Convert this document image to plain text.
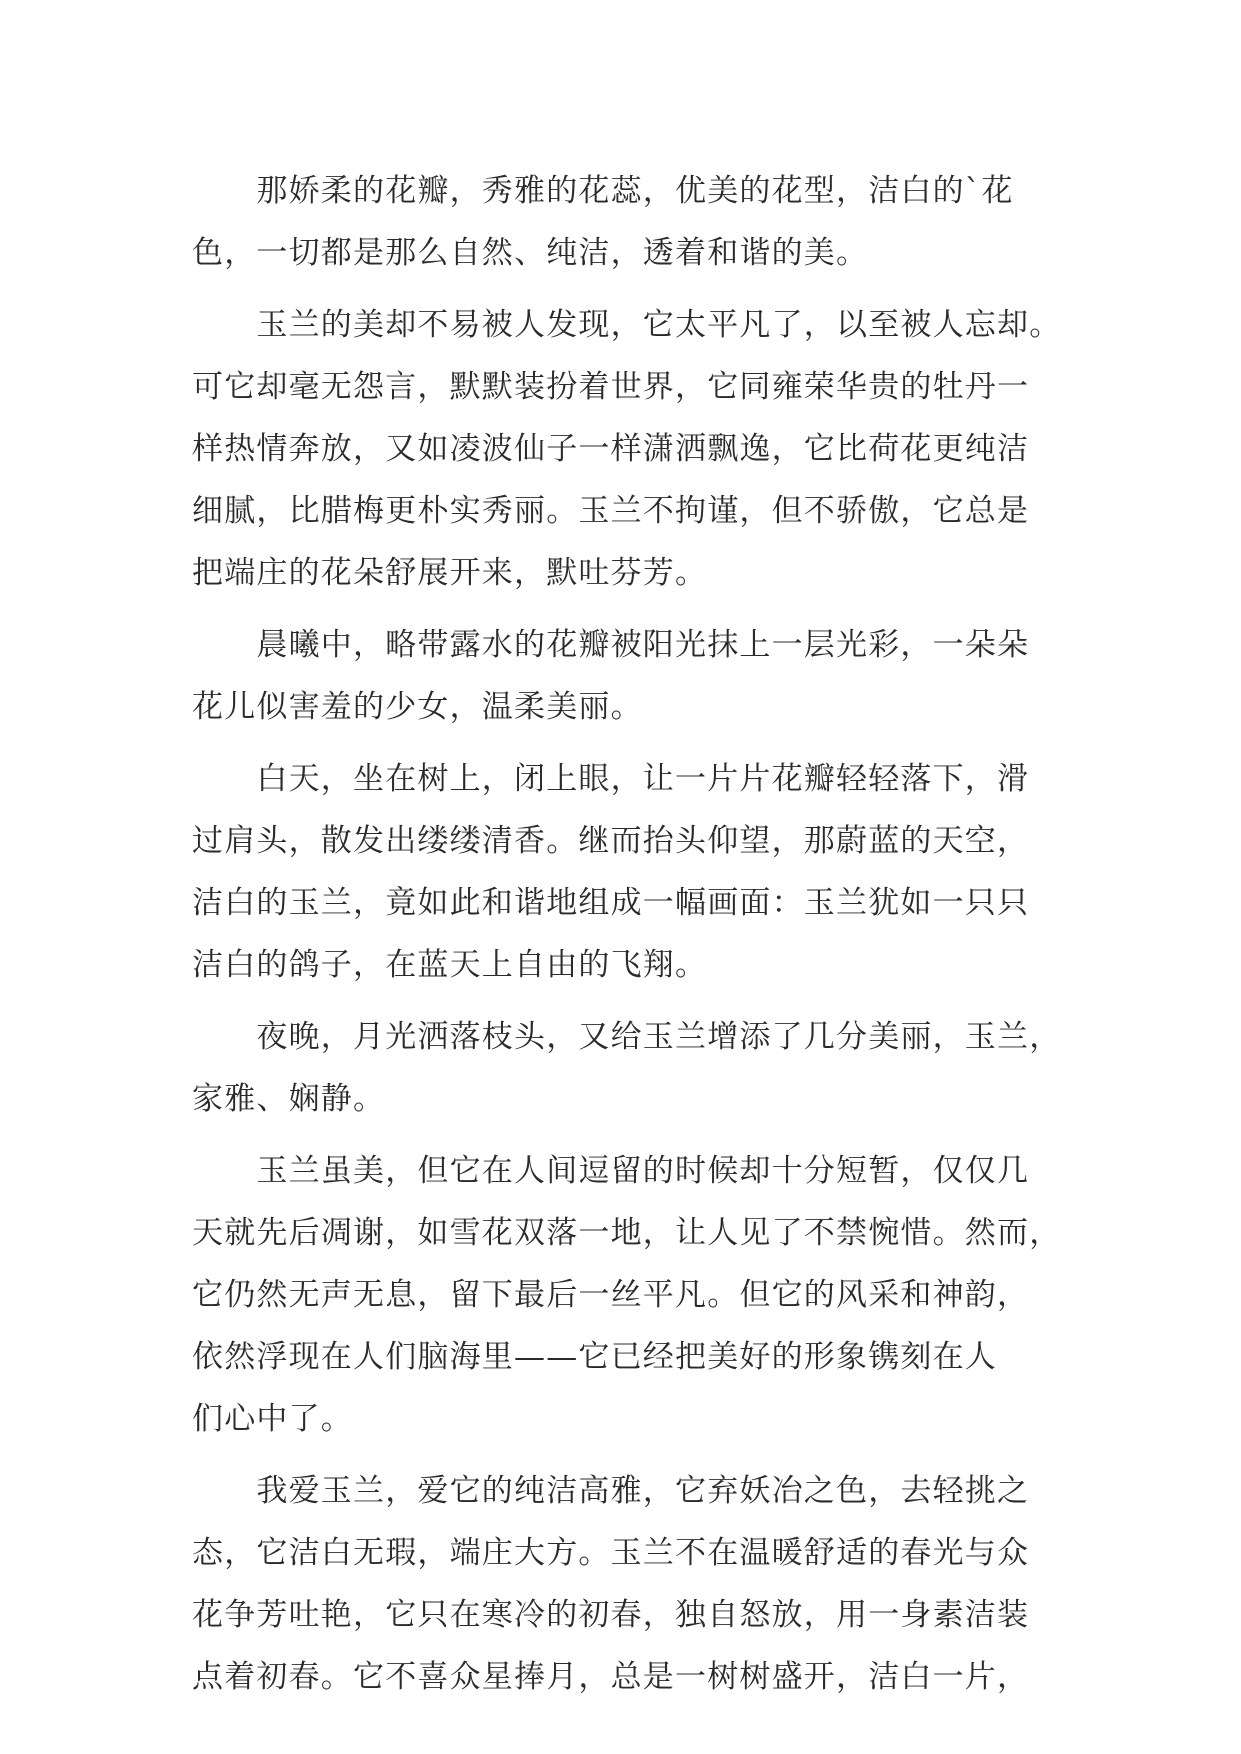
　　那娇柔的花瓣，秀雅的花蕊，优美的花型，洁白的`花
色，一切都是那么自然、纯洁，透着和谐的美。
　　玉兰的美却不易被人发现，它太平凡了，以至被人忘却。
可它却毫无怨言，默默装扮着世界，它同雍荣华贵的牡丹一
样热情奔放，又如凌波仙子一样潇洒飘逸，它比荷花更纯洁
细腻，比腊梅更朴实秀丽。玉兰不拘谨，但不骄傲，它总是
把端庄的花朵舒展开来，默吐芬芳。
　　晨曦中，略带露水的花瓣被阳光抹上一层光彩，一朵朵
花儿似害羞的少女，温柔美丽。
　　白天，坐在树上，闭上眼，让一片片花瓣轻轻落下，滑
过肩头，散发出缕缕清香。继而抬头仰望，那蔚蓝的天空，
洁白的玉兰，竟如此和谐地组成一幅画面：玉兰犹如一只只
洁白的鸽子，在蓝天上自由的飞翔。
　　夜晚，月光洒落枝头，又给玉兰增添了几分美丽，玉兰，
家雅、娴静。
　　玉兰虽美，但它在人间逗留的时候却十分短暂，仅仅几
天就先后凋谢，如雪花双落一地，让人见了不禁惋惜。然而，
它仍然无声无息，留下最后一丝平凡。但它的风采和神韵，
依然浮现在人们脑海里——它已经把美好的形象镌刻在人
们心中了。
　　我爱玉兰，爱它的纯洁高雅，它弃妖冶之色，去轻挑之
态，它洁白无瑕，端庄大方。玉兰不在温暖舒适的春光与众
花争芳吐艳，它只在寒冷的初春，独自怒放，用一身素洁装
点着初春。它不喜众星捧月，总是一树树盛开，洁白一片，
